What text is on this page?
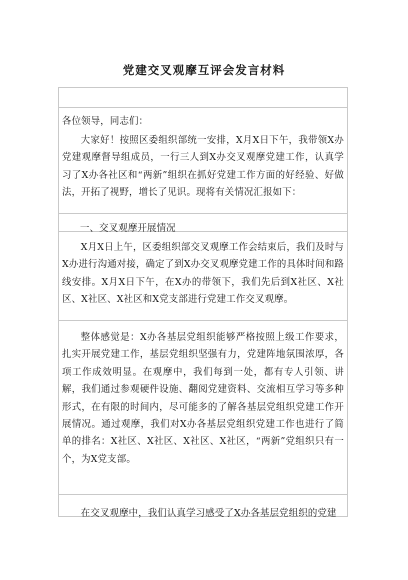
党建交叉观摩互评会发言材料
各位领导，同志们：
大家好！按照区委组织部统一安排，X月X日下午，我带领X办党建观摩督导组成员，一行三人到X办交叉观摩党建工作，认真学习了X办各社区和“两新”组织在抓好党建工作方面的好经验、好做法，开拓了视野，增长了见识。现将有关情况汇报如下：
一、交叉观摩开展情况
X月X日上午，区委组织部交叉观摩工作会结束后，我们及时与X办进行沟通对接，确定了到X办交叉观摩党建工作的具体时间和路线安排。X月X日下午，在X办的带领下，我们先后到X社区、X社区、X社区、X社区和X党支部进行党建工作交叉观摩。
整体感觉是：X办各基层党组织能够严格按照上级工作要求，扎实开展党建工作，基层党组织坚强有力，党建阵地氛围浓厚，各项工作成效明显。在观摩中，我们每到一处，都有专人引领、讲解，我们通过参观硬件设施、翻阅党建资料、交流相互学习等多种形式，在有限的时间内，尽可能多的了解各基层党组织党建工作开展情况。通过观摩，我们对X办各基层党组织党建工作也进行了简单的排名：X社区、X社区、X社区、X社区，“两新”党组织只有一个，为X党支部。
在交叉观摩中，我们认真学习感受了X办各基层党组织的党建
